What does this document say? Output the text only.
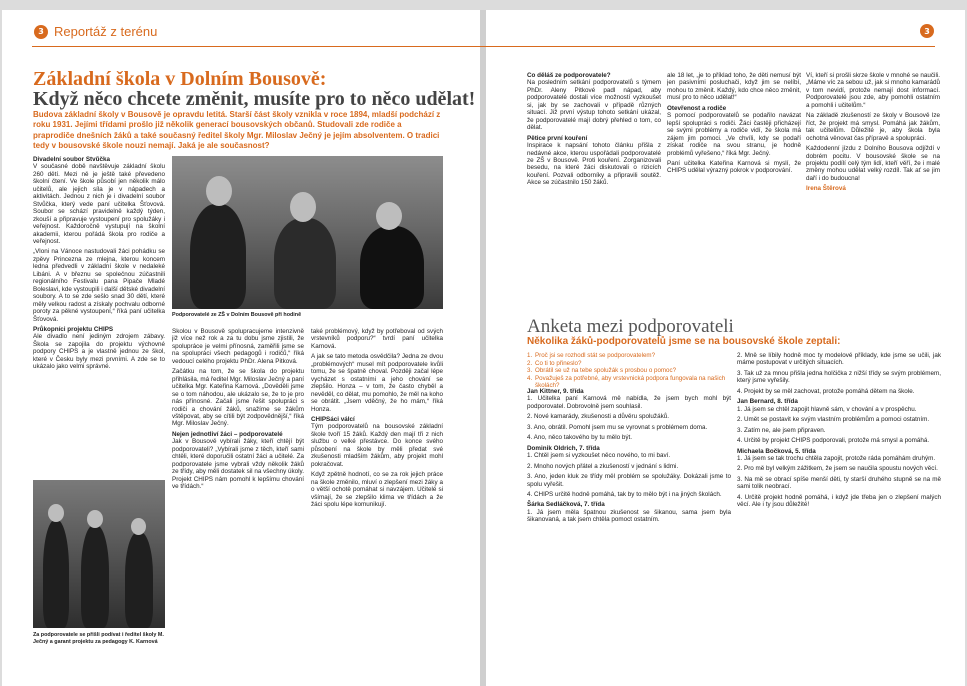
3 Reportáž z terénu	3
Základní škola v Dolním Bousově:
Když něco chcete změnit, musíte pro to něco udělat!
Budova základní školy v Bousově je opravdu letitá. Starší část školy vznikla v roce 1894, mladší podchází z roku 1931. Jejími třídami prošlo již několik generací bousovských občanů. Studovali zde rodiče a praprodiče dnešních žáků a také současný ředitel školy Mgr. Miloslav Ječný je jejím absolventem. O tradici tedy v bousovské škole nouzi nemají. Jaká je ale současnost?

Divadelní soubor Stvůčka

V současné době navštěvuje základní školu 260 dětí. Mezi ně je ještě také převedeno školní čtení. Ve škole působí jen několik málo učitelů, ale jejich síla je v nápadech a aktivitách. Jednou z nich je i divadelní soubor Stvůčka, který vede paní učitelka Šťovová. Soubor se schází pravidelně každý týden, zkouší a připravuje vystoupení pro spolužáky i veřejnost. Každoročně vystupují na školní akademii, kterou pořádá škola pro rodiče a veřejnost.

„Vloni na Vánoce nastudovali žáci pohádku se zpěvy Princezna ze mlejna, kterou koncem ledna předvedli v základní škole v nedaleké Libáni. A v březnu se společnou zúčastnili regionálního Festivalu pana Pipače Mladé Boleslavi, kde vystoupili i další dětské divadelní soubory. A to se zde sešlo snad 30 dětí, které měly velkou radost a získaly pochvalu odborné poroty za pěkné vystoupení,“ říká paní učitelka Šťovová.

Průkopníci projektu CHIPS

Ale divadlo není jediným zdrojem zábavy. Škola se zapojila do projektu výchovné podpory CHIPS a je vlastně jednou ze škol, které v Česku byly mezi prvními. A zde se to ukázalo jako velmi správné.

Za podporovatele se přišli podívat i ředitel školy M. Ječný a garant projektu za pedagogy K. Karnová
Podporovatelé ze ZŠ v Dolním Bousově při hodině

Školou v Bousově spolupracujeme intenzivně již více než rok a za tu dobu jsme zjistili, že spolupráce je velmi přínosná, zaměřili jsme se na spolupráci všech pedagogů i rodičů,“ říká vedoucí celého projektu PhDr. Alena Pitková.

Začátku na tom, že se škola do projektu přihlásila, má ředitel Mgr. Miloslav Ječný a paní učitelka Mgr. Kateřina Karnová. „Dověděli jsme se o tom náhodou, ale ukázalo se, že to je pro nás přínosné. Začali jsme řešit spolupráci s rodiči a chování žáků, snažíme se žákům vštěpovat, aby se cítili být zodpovědnější,“ říká Mgr. Miloslav Ječný.

Nejen jednotliví žáci – podporovatelé

Jak v Bousově vybírali žáky, kteří chtějí být podporovateli? „Vybírali jsme z těch, kteří sami chtěli, které doporučili ostatní žáci a učitelé. Za podporovatele jsme vybrali vždy několik žáků ze třídy, aby měli dostatek sil na všechny úkoly. Projekt CHIPS nám pomohl k lepšímu chování ve třídách.“

také problémový, když by potřeboval od svých vrstevníků podporu?“ tvrdí paní učitelka Karnová.

A jak se tato metoda osvědčila? Jedna ze dvou „problémových“ musel mít podporovatele kvůli tomu, že se špatně choval. Později začal lépe vycházet s ostatními a jeho chování se zlepšilo. Honza – v tom, že často chyběl a nevěděl, co dělat, mu pomohlo, že měl na koho se obrátit. „Jsem vděčný, že ho mám,“ říká Honza.

CHIPSáci válcí

Tým podporovatelů na bousovské základní škole tvoří 15 žáků. Každý den mají tři z nich službu o velké přestávce. Do konce svého působení na škole by měli předat své zkušenosti mladším žákům, aby projekt mohl pokračovat.

Když zpětně hodnotí, co se za rok jejich práce na škole změnilo, mluví o zlepšení mezi žáky a o větší ochotě pomáhat si navzájem. Učitelé si všímají, že se zlepšilo klima ve třídách a že žáci spolu lépe komunikují.

Co děláš ze podporovatele?

Na posledním setkání podporovatelů s týmem PhDr. Aleny Pitkové padl nápad, aby podporovatelé dostali více možností vyzkoušet si, jak by se zachovali v případě různých situací. Již první výstup tohoto setkání ukázal, že podporovatelé mají dobrý přehled o tom, co dělat.

Pětice první kouření

Inspirace k napsání tohoto článku přišla z nedávné akce, kterou uspořádali podporovatelé ze ZŠ v Bousově. Proti kouření. Zorganizovali besedu, na které žáci diskutovali o rizicích kouření. Pozvali odborníky a připravili soutěž. Akce se zúčastnilo 150 žáků.

ale 18 let, „je to příklad toho, že děti nemusí být jen pasivními posluchači, když jim se nelíbí, mohou to změnit. Každý, kdo chce něco změnit, musí pro to něco udělat!“

Otevřenost a rodiče

S pomocí podporovatelů se podařilo navázat lepší spolupráci s rodiči. Žáci častěji přicházejí se svými problémy a rodiče vidí, že škola má zájem jim pomoci. „Ve chvíli, kdy se podaří získat rodiče na svou stranu, je hodně problémů vyřešeno,“ říká Mgr. Ječný.

Paní učitelka Kateřina Karnová si myslí, že CHIPS udělal výrazný pokrok v podporování.

Ví, kteří si prošli skrze škole v mnohé se naučili. „Máme víc za sebou už, jak si mnoho kamarádů v tom nevidí, protože nemají dost informací. Podporovatelé jsou zde, aby pomohli ostatním a pomohli i učitelům.“

Na základě zkušeností ze školy v Bousově lze říct, že projekt má smysl. Pomáhá jak žákům, tak učitelům. Důležité je, aby škola byla ochotná věnovat čas přípravě a spolupráci.

Každodenní jízdu z Dolního Bousova odjíždí v dobrém pocitu. V bousovské škole se na projektu podílí celý tým lidí, kteří věří, že i malé změny mohou udělat velký rozdíl. Tak ať se jim daří i do budoucna!

Irena Štěrová

Anketa mezi podporovateli
Několika žáků-podporovatelů jsme se na bousovské škole zeptali:
1. Proč jsi se rozhodl stát se podporovatelem?
2. Co ti to přineslo?
3. Obrátil se už na tebe spolužák s prosbou o pomoc?
4. Považuješ za potřebné, aby vrstevnická podpora fungovala na našich školách?

Jan Kittner, 9. třída

1. Učitelka paní Karnová mě nabídla, že jsem bych mohl být podporovatel. Dobrovolně jsem souhlasil.

2. Nové kamarády, zkušenosti a důvěru spolužáků.

3. Ano, obrátil. Pomohl jsem mu se vyrovnat s problémem doma.

4. Ano, něco takového by tu mělo být.

Dominik Oldrich, 7. třída

1. Chtěl jsem si vyzkoušet něco nového, to mi baví.

2. Mnoho nových přátel a zkušeností v jednání s lidmi.

3. Ano, jeden kluk ze třídy měl problém se spolužáky. Dokázali jsme to spolu vyřešit.

4. CHIPS určitě hodně pomáhá, tak by to mělo být i na jiných školách.

Šárka Sedláčková, 7. třída

1. Já jsem měla špatnou zkušenost se šikanou, sama jsem byla šikanovaná, a tak jsem chtěla pomoct ostatním.

2. Mně se líbily hodně moc ty modelové příklady, kde jsme se učili, jak máme postupovat v určitých situacích.

3. Tak už za mnou přišla jedna holčička z nižší třídy se svým problémem, který jsme vyřešily.

4. Projekt by se měl zachovat, protože pomáhá dětem na škole.

Jan Bernard, 8. třída

1. Já jsem se chtěl zapojit hlavně sám, v chování a v prospěchu.

2. Umět se postavit ke svým vlastním problémům a pomoci ostatním.

3. Zatím ne, ale jsem připraven.

4. Určitě by projekt CHIPS podporovali, protože má smysl a pomáhá.

Michaela Bočková, 5. třída

1. Já jsem se tak trochu chtěla zapojit, protože ráda pomáhám druhým.

2. Pro mě byl velkým zážitkem, že jsem se naučila spoustu nových věcí.

3. Na mě se obrací spíše menší děti, ty starší druhého stupně se na mě sami tolik neobrací.

4. Určitě projekt hodně pomáhá, i když jde třeba jen o zlepšení malých věcí. Ale i ty jsou důležité!
